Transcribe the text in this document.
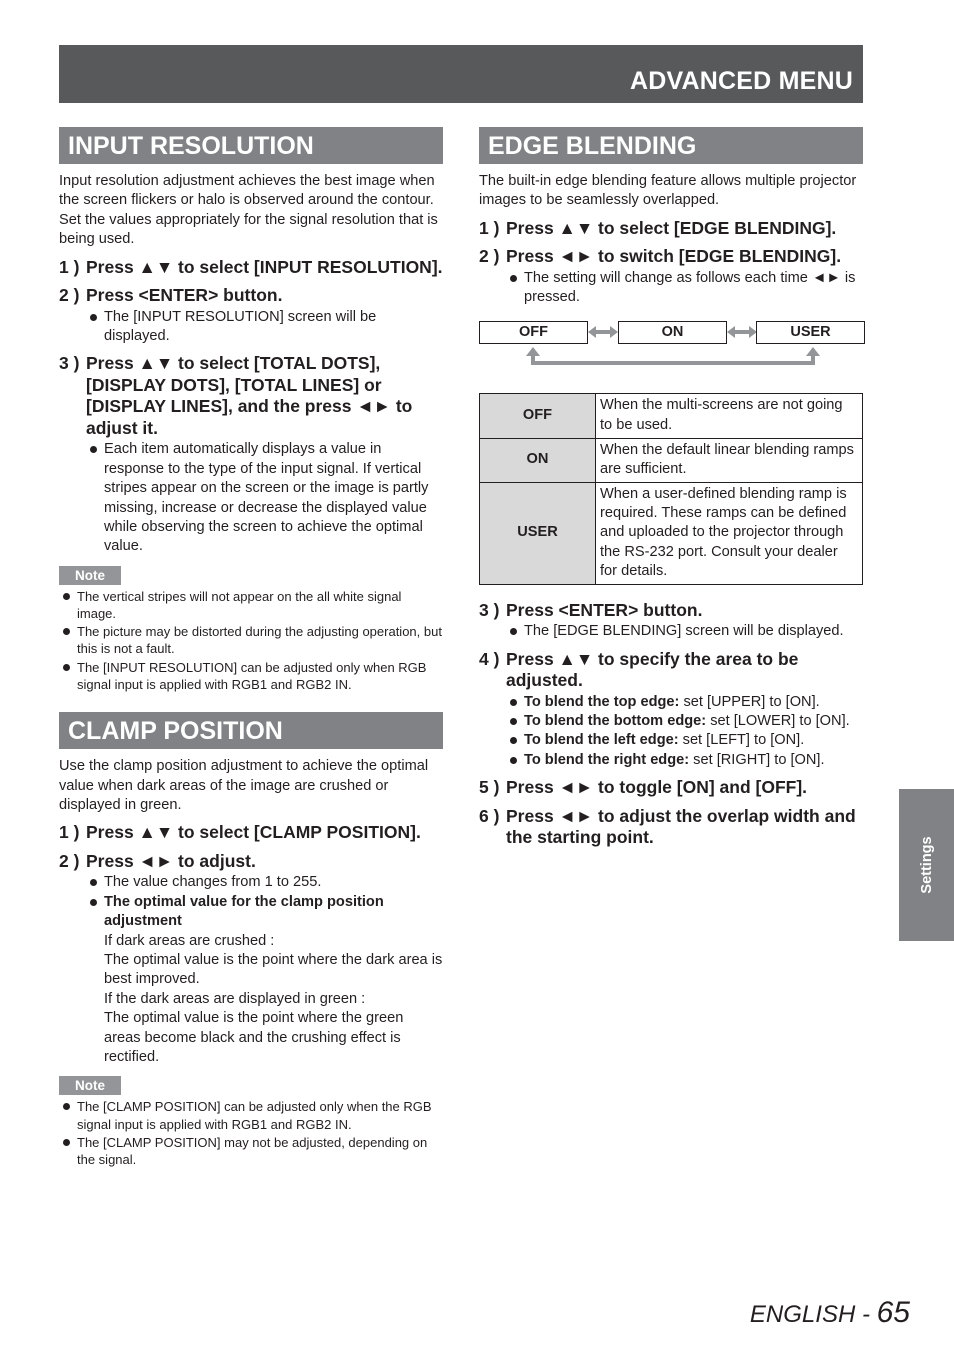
ADVANCED MENU
INPUT RESOLUTION
Input resolution adjustment achieves the best image when the screen flickers or halo is observed around the contour. Set the values appropriately for the signal resolution that is being used.
1 ) Press ▲▼ to select [INPUT RESOLUTION].
2 ) Press <ENTER> button.
The [INPUT RESOLUTION] screen will be displayed.
3 ) Press ▲▼ to select [TOTAL DOTS], [DISPLAY DOTS], [TOTAL LINES] or [DISPLAY LINES], and the press ◄► to adjust it.
Each item automatically displays a value in response to the type of the input signal. If vertical stripes appear on the screen or the image is partly missing, increase or decrease the displayed value while observing the screen to achieve the optimal value.
Note
The vertical stripes will not appear on the all white signal image.
The picture may be distorted during the adjusting operation, but this is not a fault.
The [INPUT RESOLUTION] can be adjusted only when RGB signal input is applied with RGB1 and RGB2 IN.
CLAMP POSITION
Use the clamp position adjustment to achieve the optimal value when dark areas of the image are crushed or displayed in green.
1 ) Press ▲▼ to select [CLAMP POSITION].
2 ) Press ◄► to adjust.
The value changes from 1 to 255.
The optimal value for the clamp position adjustment
If dark areas are crushed :
The optimal value is the point where the dark area is best improved.
If the dark areas are displayed in green :
The optimal value is the point where the green areas become black and the crushing effect is rectified.
Note
The [CLAMP POSITION] can be adjusted only when the RGB signal input is applied with RGB1 and RGB2 IN.
The [CLAMP POSITION] may not be adjusted, depending on the signal.
EDGE BLENDING
The built-in edge blending feature allows multiple projector images to be seamlessly overlapped.
1 ) Press ▲▼ to select [EDGE BLENDING].
2 ) Press ◄► to switch [EDGE BLENDING].
The setting will change as follows each time ◄► is pressed.
OFF	ON	USER
OFF	When the multi-screens are not going to be used.
ON	When the default linear blending ramps are sufficient.
USER	When a user-defined blending ramp is required. These ramps can be defined and uploaded to the projector through the RS-232 port. Consult your dealer for details.
3 ) Press <ENTER> button.
The [EDGE BLENDING] screen will be displayed.
4 ) Press ▲▼ to specify the area to be adjusted.
To blend the top edge: set [UPPER] to [ON].
To blend the bottom edge: set [LOWER] to [ON].
To blend the left edge: set [LEFT] to [ON].
To blend the right edge: set [RIGHT] to [ON].
5 ) Press ◄► to toggle [ON] and [OFF].
6 ) Press ◄► to adjust the overlap width and the starting point.	Settings
ENGLISH - 65
